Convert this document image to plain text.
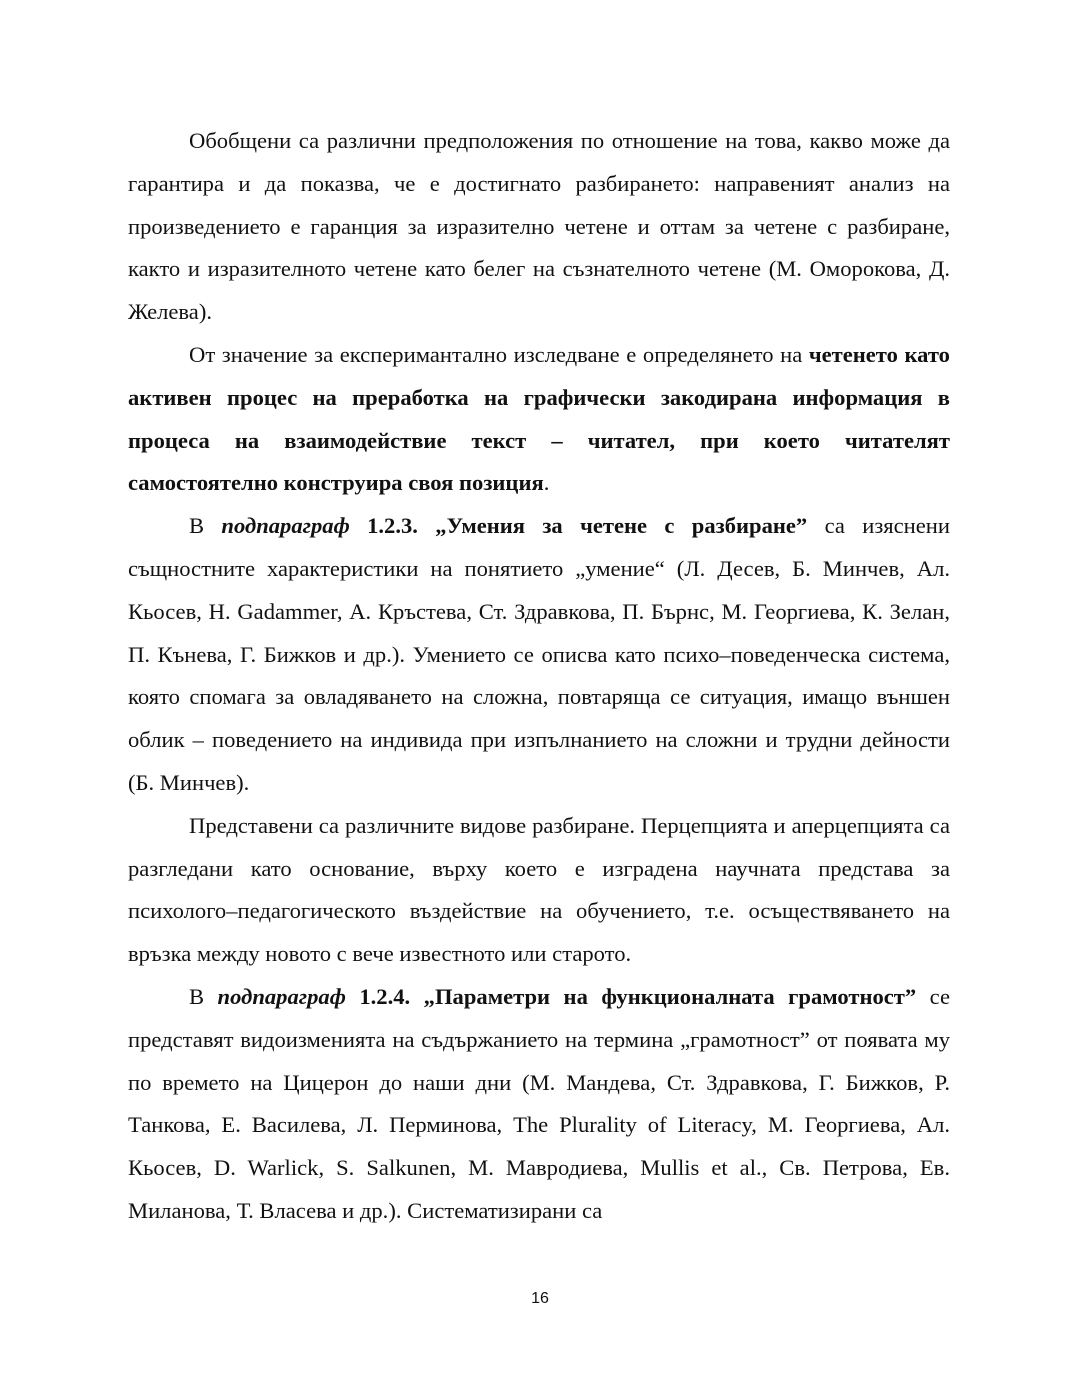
Обобщени са различни предположения по отношение на това, какво може да гарантира и да показва, че е достигнато разбирането: направеният анализ на произведението е гаранция за изразително четене и оттам за четене с разбиране, както и изразителното четене като белег на съзнателното четене (М. Оморокова, Д. Желева).

От значение за експеримантално изследване е определянето на четенето като активен процес на преработка на графически закодирана информация в процеса на взаимодействие текст – читател, при което читателят самостоятелно конструира своя позиция.

В подпараграф 1.2.3. „Умения за четене с разбиране” са изяснени същностните характеристики на понятието „умение“ (Л. Десев, Б. Минчев, Ал. Кьосев, Н. Gadammer, А. Кръстева, Ст. Здравкова, П. Бърнс, М. Георгиева, К. Зелан, П. Кънева, Г. Бижков и др.). Умението се описва като психо–поведенческа система, която спомага за овладяването на сложна, повтаряща се ситуация, имащо външен облик – поведението на индивида при изпълнанието на сложни и трудни дейности (Б. Минчев).

Представени са различните видове разбиране. Перцепцията и аперцепцията са разгледани като основание, върху което е изградена научната представа за психолого–педагогическото въздействие на обучението, т.е. осъществяването на връзка между новото с вече известното или старото.

В подпараграф 1.2.4. „Параметри на функционалната грамотност” се представят видоизменията на съдържанието на термина „грамотност” от появата му по времето на Цицерон до наши дни (М. Мандева, Ст. Здравкова, Г. Бижков, Р. Танкова, Е. Василева, Л. Перминова, The Plurality of Literacy, М. Георгиева, Ал. Кьосев, D. Warlick, S. Salkunen, М. Мавродиева, Mullis et al., Св. Петрова, Ев. Миланова, Т. Власева и др.). Систематизирани са

16
